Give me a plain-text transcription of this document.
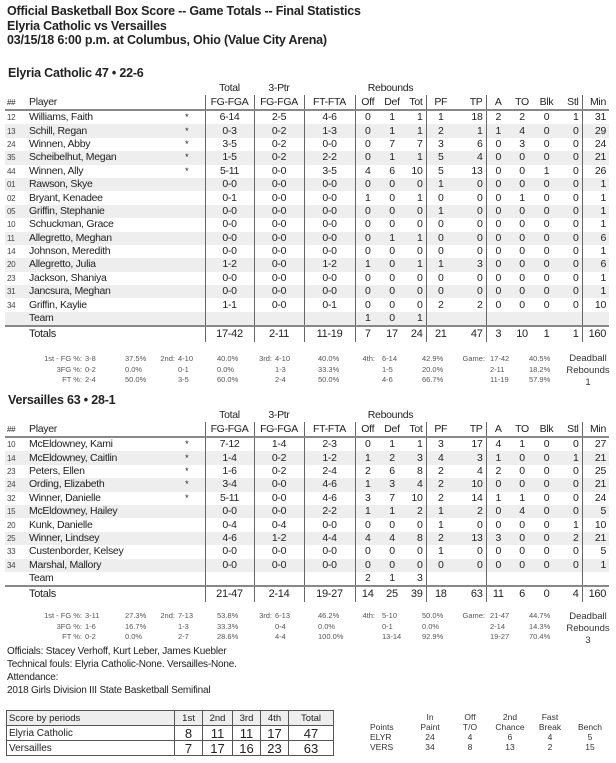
Official Basketball Box Score -- Game Totals -- Final Statistics
Elyria Catholic vs Versailles
03/15/18 6:00 p.m. at Columbus, Ohio (Value City Arena)
Elyria Catholic 47 • 22-6
			Total	3-Ptr		Rebounds									
##	Player		FG-FGA	FG-FGA	FT-FTA	Off	Def	Tot	PF	TP	A	TO	Blk	Stl	Min
12	Williams, Faith	*	6-14	2-5	4-6	0	1	1	1	18	2	2	0	1	31
13	Schill, Regan	*	0-3	0-2	1-3	0	1	1	2	1	1	4	0	0	29
24	Winnen, Abby	*	3-5	0-2	0-0	0	7	7	3	6	0	3	0	0	24
35	Scheibelhut, Megan	*	1-5	0-2	2-2	0	1	1	5	4	0	0	0	0	21
44	Winnen, Ally	*	5-11	0-0	3-5	4	6	10	5	13	0	0	1	0	26
01	Rawson, Skye		0-0	0-0	0-0	0	0	0	1	0	0	0	0	0	1
02	Bryant, Kenadee		0-1	0-0	0-0	1	0	1	0	0	0	1	0	0	1
05	Griffin, Stephanie		0-0	0-0	0-0	0	0	0	1	0	0	0	0	0	1
10	Schuckman, Grace		0-0	0-0	0-0	0	0	0	0	0	0	0	0	0	1
11	Allegretto, Meghan		0-0	0-0	0-0	0	1	1	0	0	0	0	0	0	6
14	Johnson, Meredith		0-0	0-0	0-0	0	0	0	0	0	0	0	0	0	1
20	Allegretto, Julia		1-2	0-0	1-2	1	0	1	1	3	0	0	0	0	6
23	Jackson, Shaniya		0-0	0-0	0-0	0	0	0	0	0	0	0	0	0	1
31	Jancsura, Meghan		0-0	0-0	0-0	0	0	0	0	0	0	0	0	0	1
34	Griffin, Kaylie		1-1	0-0	0-1	0	0	0	2	2	0	0	0	0	10
	Team					1	0	1							
	Totals		17-42	2-11	11-19	7	17	24	21	47	3	10	1	1	160
1st - FG %: 3-8	37.5%	2nd: 4-10	40.0%	3rd: 4-10	40.0%	4th: 6-14	42.9%	Game: 17-42	40.5%
3FG %: 0-2	0.0%	0-1	0.0%	1-3	33.3%	1-5	20.0%	2-11	18.2%
FT %: 2-4	50.0%	3-5	60.0%	2-4	50.0%	4-6	66.7%	11-19	57.9%
Deadball
Rebounds
1
Versailles 63 • 28-1
			Total	3-Ptr		Rebounds									
##	Player		FG-FGA	FG-FGA	FT-FTA	Off	Def	Tot	PF	TP	A	TO	Blk	Stl	Min
10	McEldowney, Kami	*	7-12	1-4	2-3	0	1	1	3	17	4	1	0	0	27
14	McEldowney, Caitlin	*	1-4	0-2	1-2	1	2	3	4	3	1	0	0	1	21
23	Peters, Ellen	*	1-6	0-2	2-4	2	6	8	2	4	2	0	0	0	25
24	Ording, Elizabeth	*	3-4	0-0	4-6	1	3	4	2	10	0	0	0	0	21
32	Winner, Danielle	*	5-11	0-0	4-6	3	7	10	2	14	1	1	0	0	24
15	McEldowney, Hailey		0-0	0-0	2-2	1	1	2	1	2	0	4	0	0	5
20	Kunk, Danielle		0-4	0-4	0-0	0	0	0	1	0	0	0	0	1	10
25	Winner, Lindsey		4-6	1-2	4-4	4	4	8	2	13	3	0	0	2	21
33	Custenborder, Kelsey		0-0	0-0	0-0	0	0	0	1	0	0	0	0	0	5
34	Marshal, Mallory		0-0	0-0	0-0	0	0	0	0	0	0	0	0	0	1
	Team					2	1	3							
	Totals		21-47	2-14	19-27	14	25	39	18	63	11	6	0	4	160
1st - FG %: 3-11	27.3%	2nd: 7-13	53.8%	3rd: 6-13	46.2%	4th: 5-10	50.0%	Game: 21-47	44.7%
3FG %: 1-6	16.7%	1-3	33.3%	0-4	0.0%	0-1	0.0%	2-14	14.3%
FT %: 0-2	0.0%	2-7	28.6%	4-4	100.0%	13-14	92.9%	19-27	70.4%
Deadball
Rebounds
3
Officials: Stacey Verhoff, Kurt Leber, James Kuebler
Technical fouls: Elyria Catholic-None. Versailles-None.
Attendance:
2018 Girls Division III State Basketball Semifinal
Score by periods	1st	2nd	3rd	4th	Total
Elyria Catholic	8	11	11	17	47
Versailles	7	17	16	23	63
In	Off	2nd	Fast
Points	Paint	T/O	Chance	Break	Bench
ELYR	24	4	6	4	5
VERS	34	8	13	2	15
